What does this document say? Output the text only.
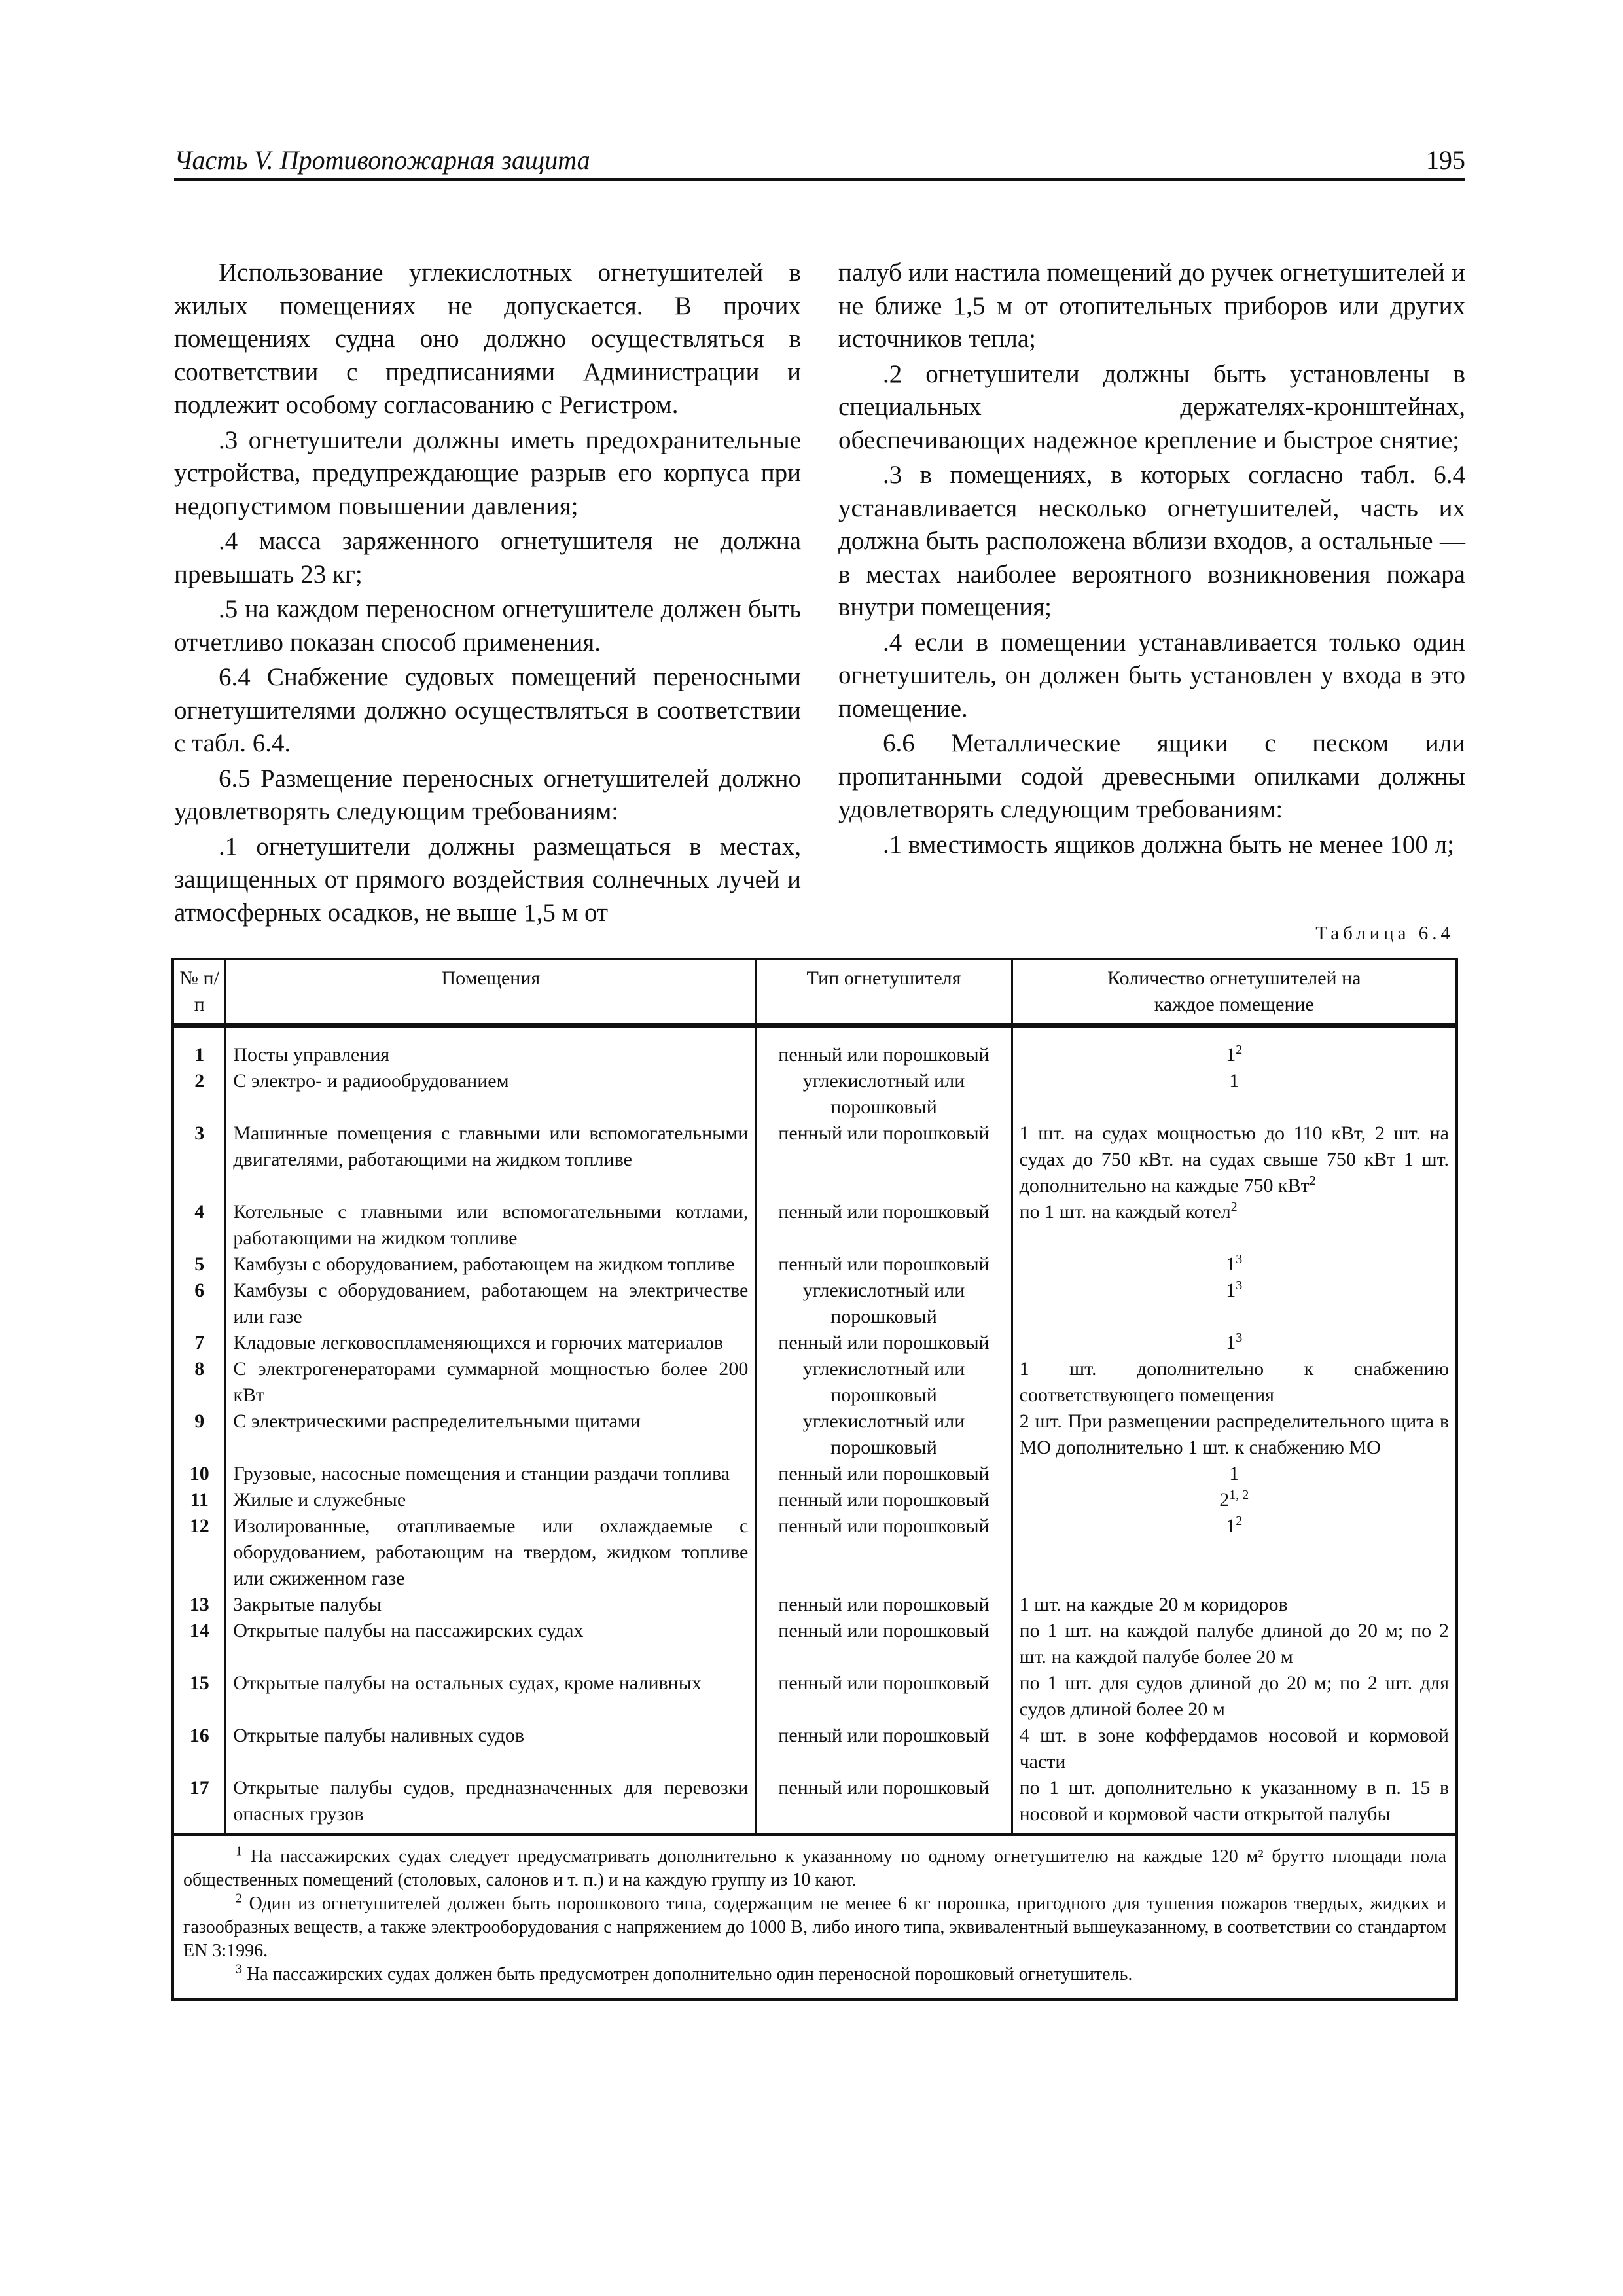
Часть V. Противопожарная защита	195

Использование углекислотных огнетушителей в жилых помещениях не допускается. В прочих помещениях судна оно должно осуществляться в соответствии с предписаниями Администрации и подлежит особому согласованию с Регистром.

.3 огнетушители должны иметь предохранительные устройства, предупреждающие разрыв его корпуса при недопустимом повышении давления;

.4 масса заряженного огнетушителя не должна превышать 23 кг;

.5 на каждом переносном огнетушителе должен быть отчетливо показан способ применения.

6.4 Снабжение судовых помещений переносными огнетушителями должно осуществляться в соответствии с табл. 6.4.

6.5 Размещение переносных огнетушителей должно удовлетворять следующим требованиям:

.1 огнетушители должны размещаться в местах, защищенных от прямого воздействия солнечных лучей и атмосферных осадков, не выше 1,5 м от

палуб или настила помещений до ручек огнетушителей и не ближе 1,5 м от отопительных приборов или других источников тепла;

.2 огнетушители должны быть установлены в специальных держателях-кронштейнах, обеспечивающих надежное крепление и быстрое снятие;

.3 в помещениях, в которых согласно табл. 6.4 устанавливается несколько огнетушителей, часть их должна быть расположена вблизи входов, а остальные — в местах наиболее вероятного возникновения пожара внутри помещения;

.4 если в помещении устанавливается только один огнетушитель, он должен быть установлен у входа в это помещение.

6.6 Металлические ящики с песком или пропитанными содой древесными опилками должны удовлетворять следующим требованиям:

.1 вместимость ящиков должна быть не менее 100 л;

Таблица 6.4
№ п/п	Помещения	Тип огнетушителя	Количество огнетушителей на каждое помещение
1	Посты управления	пенный или порошковый	$1^2$
2	С электро- и радиообрудованием	углекислотный или порошковый	1
3	Машинные помещения с главными или вспомогательными двигателями, работающими на жидком топливе	пенный или порошковый	1 шт. на судах мощностью до 110 кВт, 2 шт. на судах до 750 кВт. на судах свыше 750 кВт 1 шт. дополнительно на каждые 750 кВт$^2$
4	Котельные с главными или вспомогательными котлами, работающими на жидком топливе	пенный или порошковый	по 1 шт. на каждый котел$^2$
5	Камбузы с оборудованием, работающем на жидком топливе	пенный или порошковый	$1^3$
6	Камбузы с оборудованием, работающем на электричестве или газе	углекислотный или порошковый	$1^3$
7	Кладовые легковоспламеняющихся и горючих материалов	пенный или порошковый	$1^3$
8	С электрогенераторами суммарной мощностью более 200 кВт	углекислотный или порошковый	1 шт. дополнительно к снабжению соответствующего помещения
9	С электрическими распределительными щитами	углекислотный или порошковый	2 шт. При размещении распределительного щита в МО дополнительно 1 шт. к снабжению МО
10	Грузовые, насосные помещения и станции раздачи топлива	пенный или порошковый	1
11	Жилые и служебные	пенный или порошковый	2$^{1, 2}$
12	Изолированные, отапливаемые или охлаждаемые с оборудованием, работающим на твердом, жидком топливе или сжиженном газе	пенный или порошковый	$1^2$
13	Закрытые палубы	пенный или порошковый	1 шт. на каждые 20 м коридоров
14	Открытые палубы на пассажирских судах	пенный или порошковый	по 1 шт. на каждой палубе длиной до 20 м; по 2 шт. на каждой палубе более 20 м
15	Открытые палубы на остальных судах, кроме наливных	пенный или порошковый	по 1 шт. для судов длиной до 20 м; по 2 шт. для судов длиной более 20 м
16	Открытые палубы наливных судов	пенный или порошковый	4 шт. в зоне коффердамов носовой и кормовой части
17	Открытые палубы судов, предназначенных для перевозки опасных грузов	пенный или порошковый	по 1 шт. дополнительно к указанному в п. 15 в носовой и кормовой части открытой палубы

$^1$ На пассажирских судах следует предусматривать дополнительно к указанному по одному огнетушителю на каждые 120 м² брутто площади пола общественных помещений (столовых, салонов и т. п.) и на каждую группу из 10 кают.

$^2$ Один из огнетушителей должен быть порошкового типа, содержащим не менее 6 кг порошка, пригодного для тушения пожаров твердых, жидких и газообразных веществ, а также электрооборудования с напряжением до 1000 В, либо иного типа, эквивалентный вышеуказанному, в соответствии со стандартом EN 3:1996.

$^3$ На пассажирских судах должен быть предусмотрен дополнительно один переносной порошковый огнетушитель.			
